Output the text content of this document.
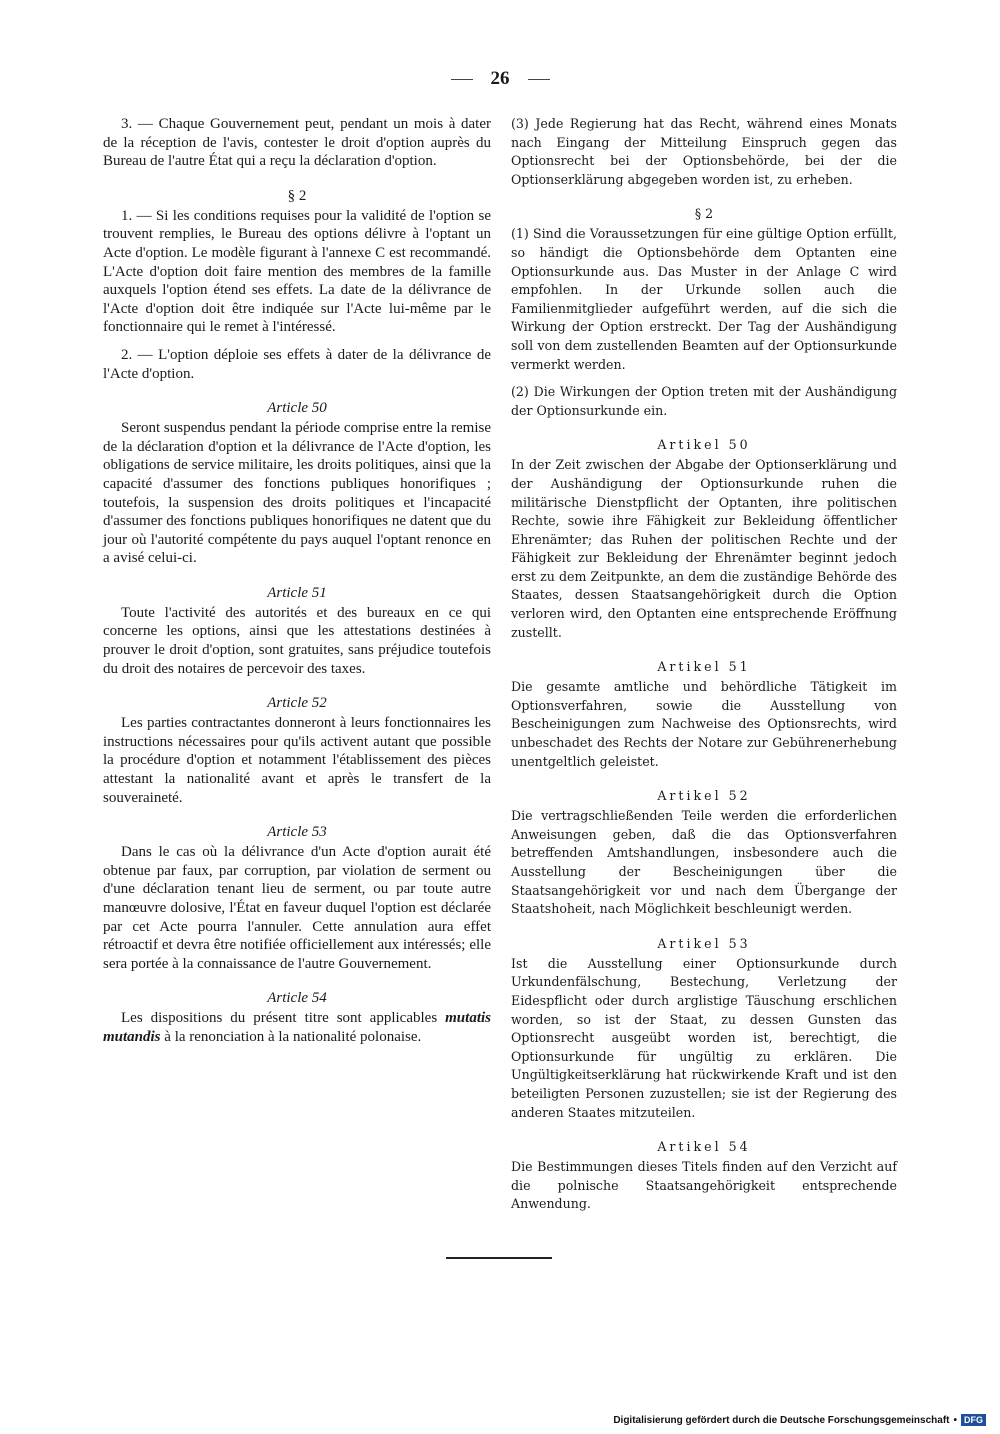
26

3. — Chaque Gouvernement peut, pendant un mois à dater de la réception de l'avis, contester le droit d'option auprès du Bureau de l'autre État qui a reçu la déclaration d'option.

§ 2

1. — Si les conditions requises pour la validité de l'option se trouvent remplies, le Bureau des options délivre à l'optant un Acte d'option. Le modèle figurant à l'annexe C est recommandé. L'Acte d'option doit faire mention des membres de la famille auxquels l'option étend ses effets. La date de la délivrance de l'Acte d'option doit être indiquée sur l'Acte lui-même par le fonctionnaire qui le remet à l'intéressé.

2. — L'option déploie ses effets à dater de la délivrance de l'Acte d'option.

Article 50

Seront suspendus pendant la période comprise entre la remise de la déclaration d'option et la délivrance de l'Acte d'option, les obligations de service militaire, les droits politiques, ainsi que la capacité d'assumer des fonctions publiques honorifiques ; toutefois, la suspension des droits politiques et l'incapacité d'assumer des fonctions publiques honorifiques ne datent que du jour où l'autorité compétente du pays auquel l'optant renonce en a avisé celui-ci.

Article 51

Toute l'activité des autorités et des bureaux en ce qui concerne les options, ainsi que les attestations destinées à prouver le droit d'option, sont gratuites, sans préjudice toutefois du droit des notaires de percevoir des taxes.

Article 52

Les parties contractantes donneront à leurs fonctionnaires les instructions nécessaires pour qu'ils activent autant que possible la procédure d'option et notamment l'établissement des pièces attestant la nationalité avant et après le transfert de la souveraineté.

Article 53

Dans le cas où la délivrance d'un Acte d'option aurait été obtenue par faux, par corruption, par violation de serment ou d'une déclaration tenant lieu de serment, ou par toute autre manœuvre dolosive, l'État en faveur duquel l'option est déclarée par cet Acte pourra l'annuler. Cette annulation aura effet rétroactif et devra être notifiée officiellement aux intéressés; elle sera portée à la connaissance de l'autre Gouvernement.

Article 54

Les dispositions du présent titre sont applicables mutatis mutandis à la renonciation à la nationalité polonaise.

(3) Jede Regierung hat das Recht, während eines Monats nach Eingang der Mitteilung Einspruch gegen das Optionsrecht bei der Optionsbehörde, bei der die Optionserklärung abgegeben worden ist, zu erheben.

§ 2

(1) Sind die Voraussetzungen für eine gültige Option erfüllt, so händigt die Optionsbehörde dem Optanten eine Optionsurkunde aus. Das Muster in der Anlage C wird empfohlen. In der Urkunde sollen auch die Familienmitglieder aufgeführt werden, auf die sich die Wirkung der Option erstreckt. Der Tag der Aushändigung soll von dem zustellenden Beamten auf der Optionsurkunde vermerkt werden.

(2) Die Wirkungen der Option treten mit der Aushändigung der Optionsurkunde ein.

Artikel 50

In der Zeit zwischen der Abgabe der Optionserklärung und der Aushändigung der Optionsurkunde ruhen die militärische Dienstpflicht der Optanten, ihre politischen Rechte, sowie ihre Fähigkeit zur Bekleidung öffentlicher Ehrenämter; das Ruhen der politischen Rechte und der Fähigkeit zur Bekleidung der Ehrenämter beginnt jedoch erst zu dem Zeitpunkte, an dem die zuständige Behörde des Staates, dessen Staatsangehörigkeit durch die Option verloren wird, den Optanten eine entsprechende Eröffnung zustellt.

Artikel 51

Die gesamte amtliche und behördliche Tätigkeit im Optionsverfahren, sowie die Ausstellung von Bescheinigungen zum Nachweise des Optionsrechts, wird unbeschadet des Rechts der Notare zur Gebührenerhebung unentgeltlich geleistet.

Artikel 52

Die vertragschließenden Teile werden die erforderlichen Anweisungen geben, daß die das Optionsverfahren betreffenden Amtshandlungen, insbesondere auch die Ausstellung der Bescheinigungen über die Staatsangehörigkeit vor und nach dem Übergange der Staatshoheit, nach Möglichkeit beschleunigt werden.

Artikel 53

Ist die Ausstellung einer Optionsurkunde durch Urkundenfälschung, Bestechung, Verletzung der Eidespflicht oder durch arglistige Täuschung erschlichen worden, so ist der Staat, zu dessen Gunsten das Optionsrecht ausgeübt worden ist, berechtigt, die Optionsurkunde für ungültig zu erklären. Die Ungültigkeitserklärung hat rückwirkende Kraft und ist den beteiligten Personen zuzustellen; sie ist der Regierung des anderen Staates mitzuteilen.

Artikel 54

Die Bestimmungen dieses Titels finden auf den Verzicht auf die polnische Staatsangehörigkeit entsprechende Anwendung.

Digitalisierung gefördert durch die Deutsche Forschungsgemeinschaft • DFG
